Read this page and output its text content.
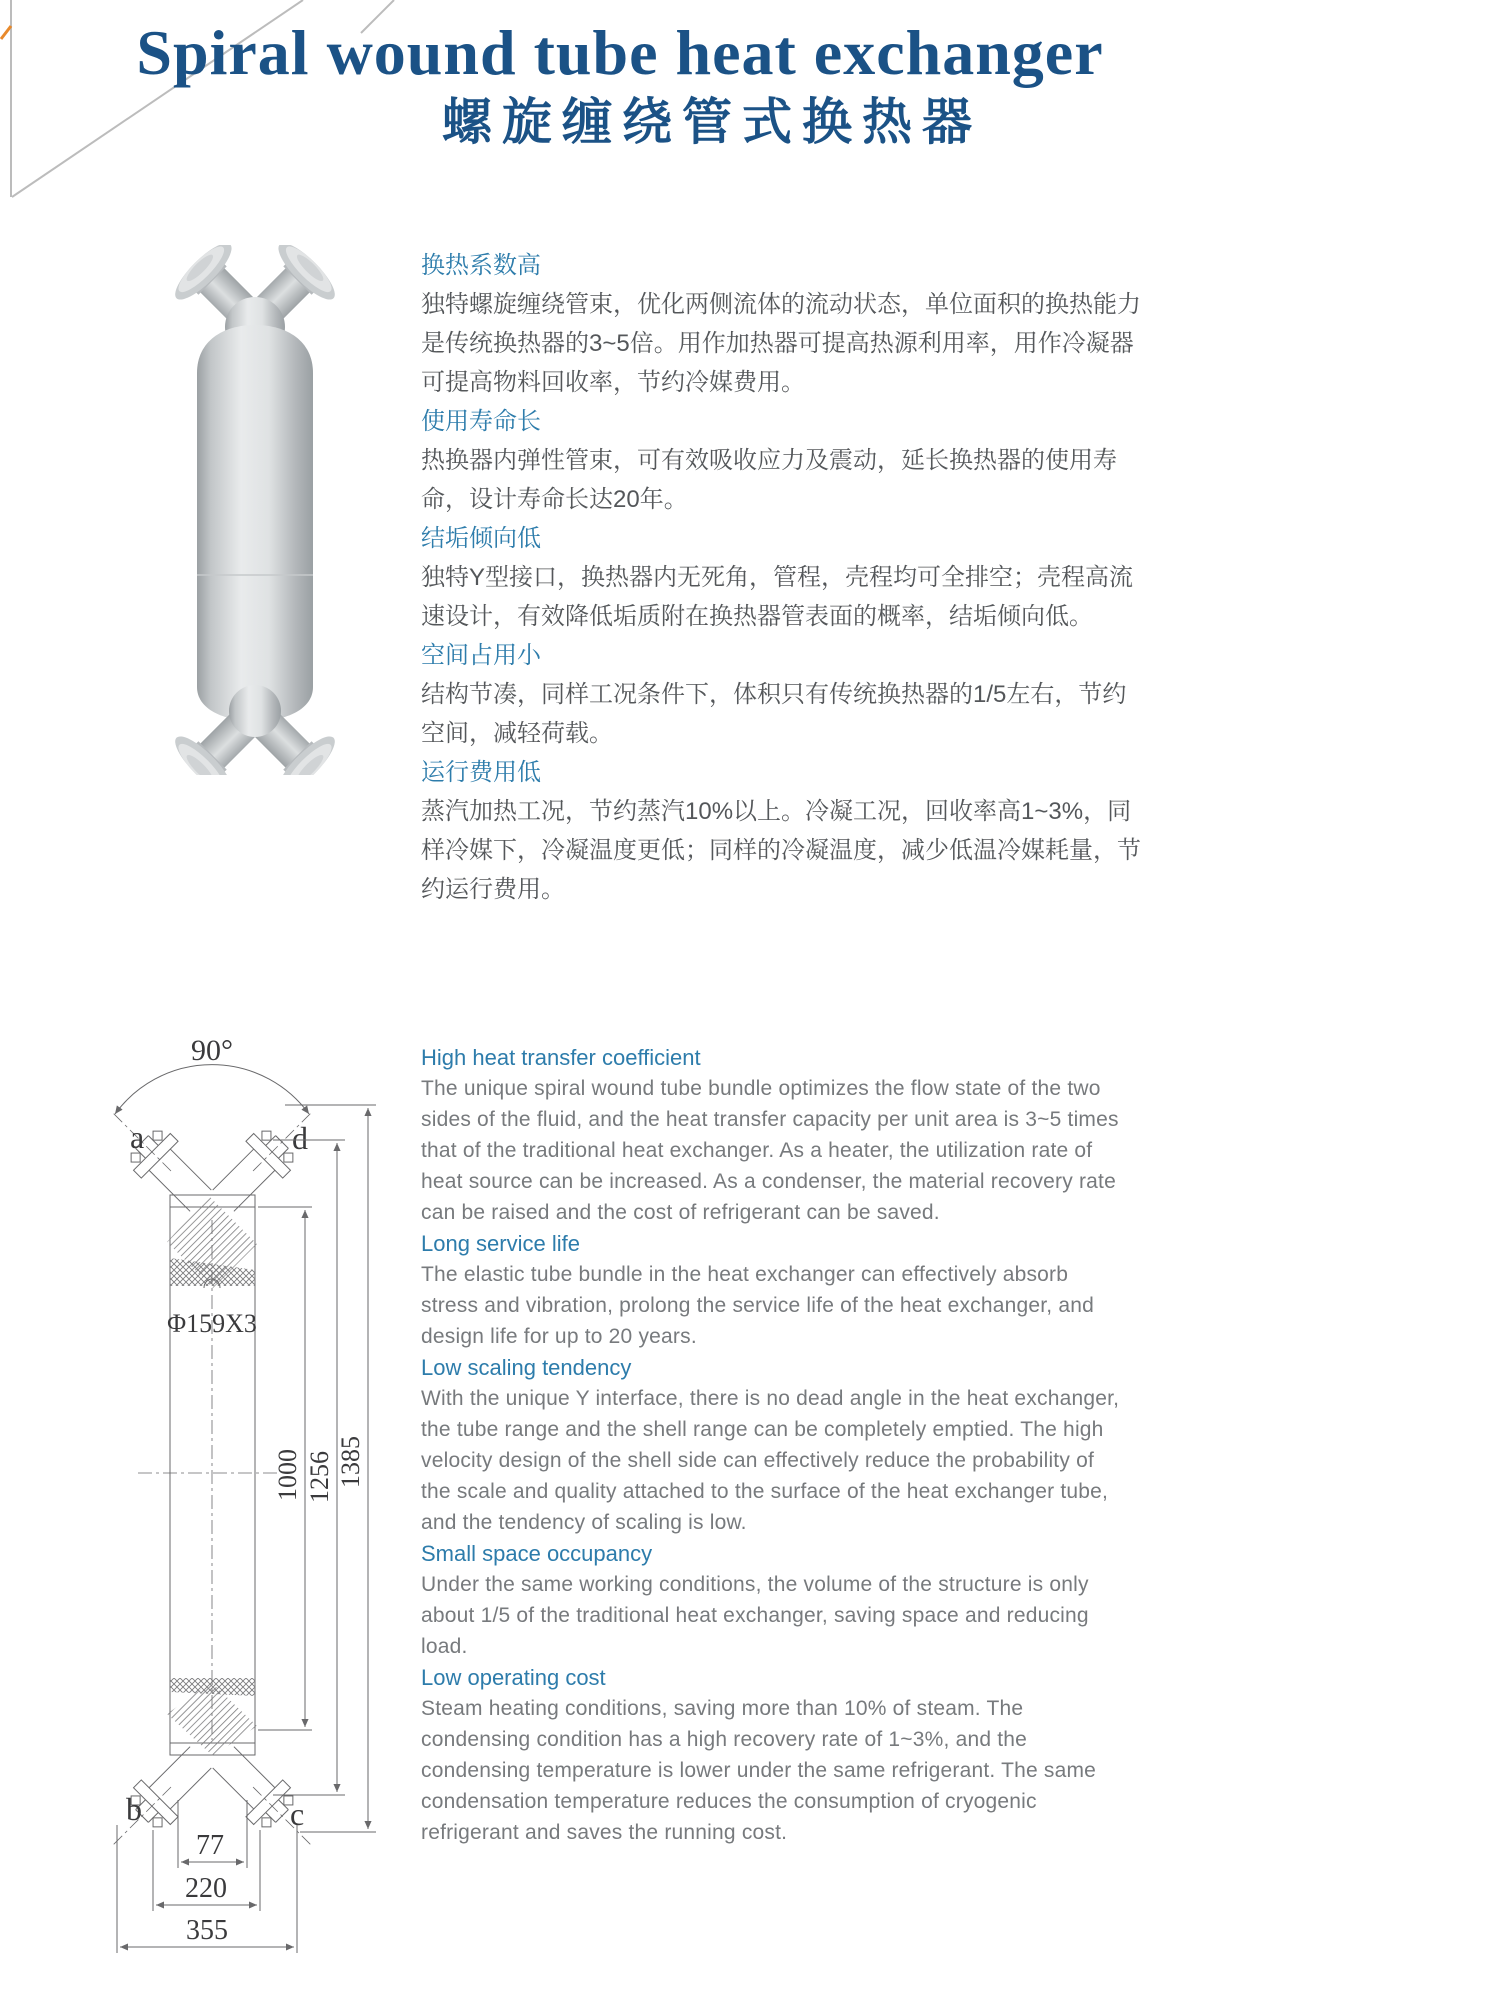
Spiral wound tube heat exchanger
螺旋缠绕管式换热器
换热系数高

独特螺旋缠绕管束，优化两侧流体的流动状态，单位面积的换热能力是传统换热器的3~5倍。用作加热器可提高热源利用率，用作冷凝器可提高物料回收率，节约冷媒费用。

使用寿命长

热换器内弹性管束，可有效吸收应力及震动，延长换热器的使用寿命，设计寿命长达20年。

结垢倾向低

独特Y型接口，换热器内无死角，管程，壳程均可全排空；壳程高流速设计，有效降低垢质附在换热器管表面的概率，结垢倾向低。

空间占用小

结构节凑，同样工况条件下，体积只有传统换热器的1/5左右，节约空间，减轻荷载。

运行费用低

蒸汽加热工况，节约蒸汽10%以上。冷凝工况，回收率高1~3%，同样冷媒下，冷凝温度更低；同样的冷凝温度，减少低温冷媒耗量，节约运行费用。

90°
a	d
b	c
Φ159X3
1000 1256 1385
77
220
355
High heat transfer coefficient

The unique spiral wound tube bundle optimizes the flow state of the two sides of the fluid, and the heat transfer capacity per unit area is 3~5 times that of the traditional heat exchanger. As a heater, the utilization rate of heat source can be increased. As a condenser, the material recovery rate can be raised and the cost of refrigerant can be saved.

Long service life

The elastic tube bundle in the heat exchanger can effectively absorb stress and vibration, prolong the service life of the heat exchanger, and design life for up to 20 years.

Low scaling tendency

With the unique Y interface, there is no dead angle in the heat exchanger, the tube range and the shell range can be completely emptied. The high velocity design of the shell side can effectively reduce the probability of the scale and quality attached to the surface of the heat exchanger tube, and the tendency of scaling is low.

Small space occupancy

Under the same working conditions, the volume of the structure is only about 1/5 of the traditional heat exchanger, saving space and reducing load.

Low operating cost

Steam heating conditions, saving more than 10% of steam. The condensing condition has a high recovery rate of 1~3%, and the condensing temperature is lower under the same refrigerant. The same condensation temperature reduces the consumption of cryogenic refrigerant and saves the running cost.
